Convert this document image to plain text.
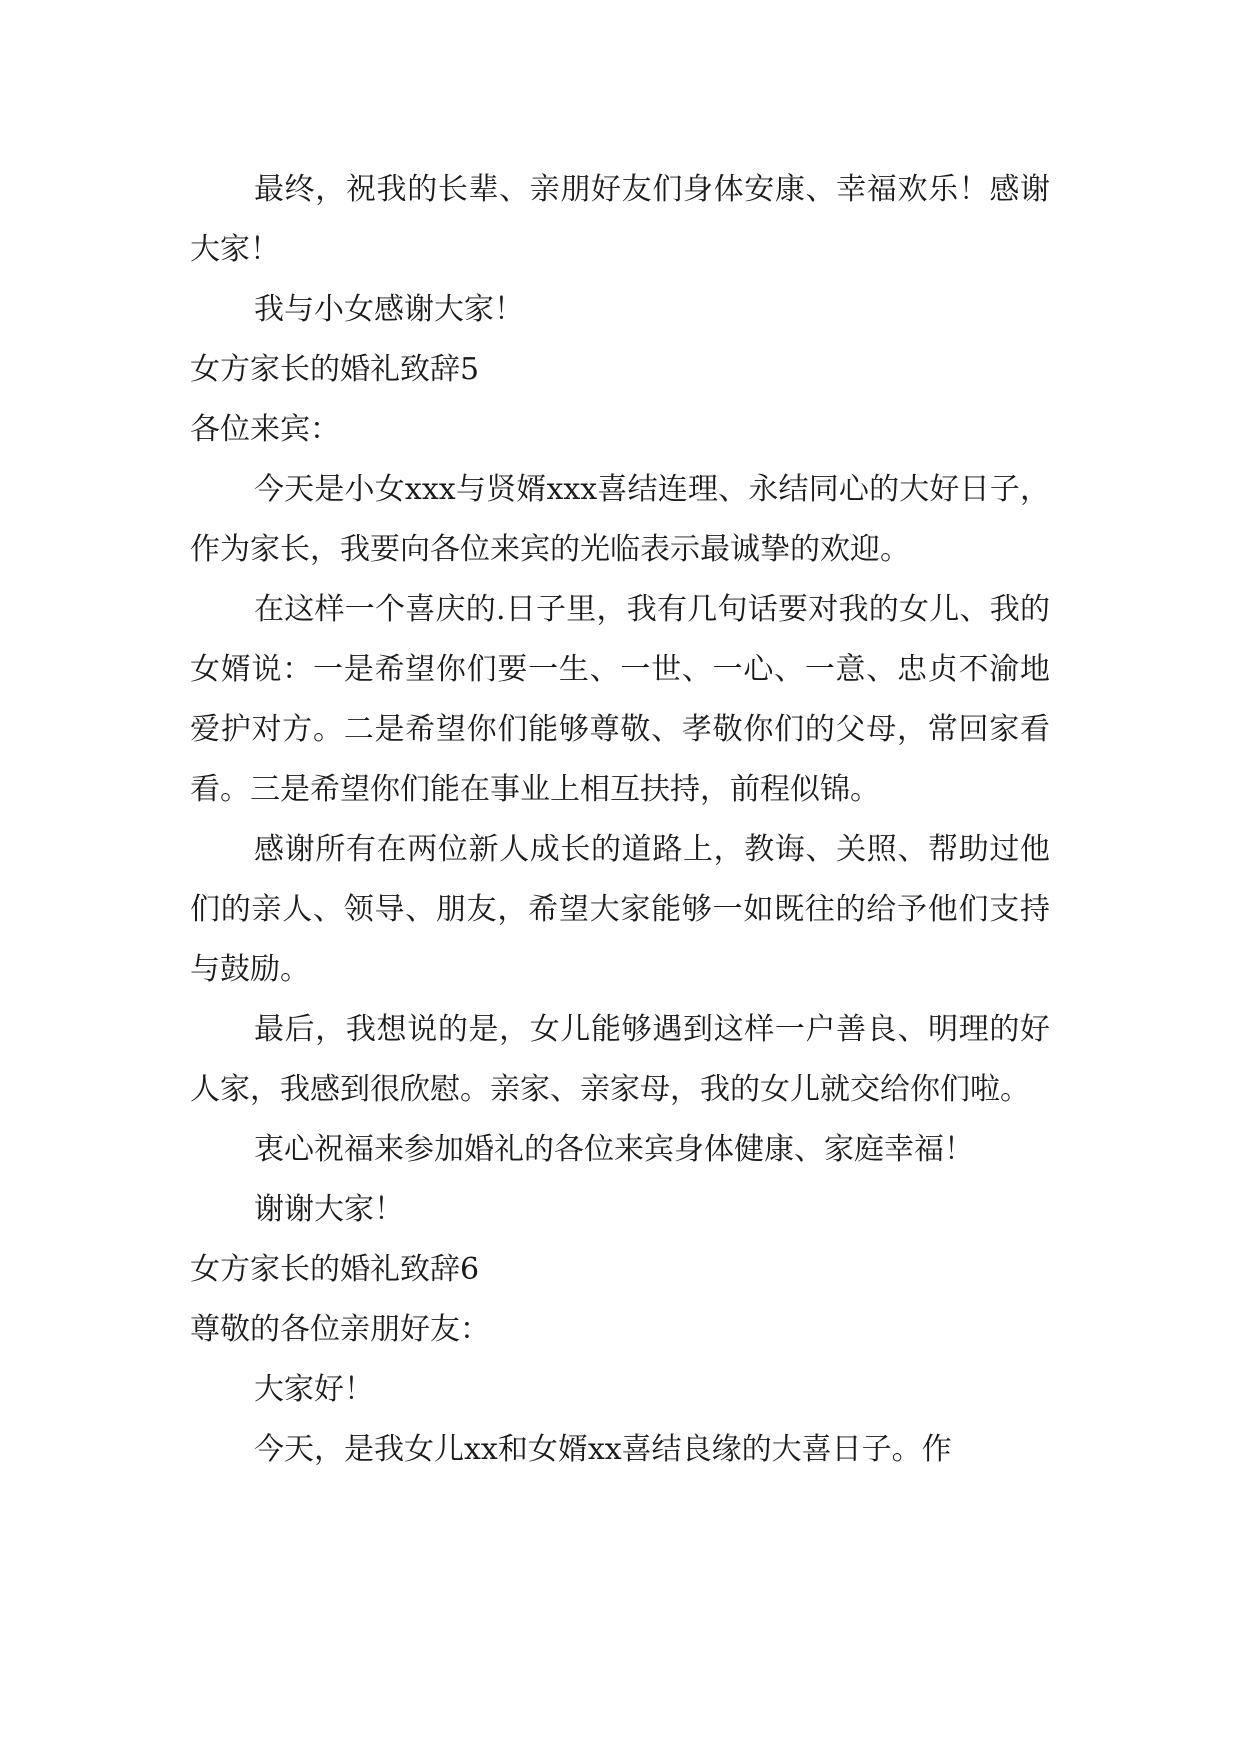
最终，祝我的长辈、亲朋好友们身体安康、幸福欢乐！感谢大家！

我与小女感谢大家！

女方家长的婚礼致辞5

各位来宾：

今天是小女xxx与贤婿xxx喜结连理、永结同心的大好日子，作为家长，我要向各位来宾的光临表示最诚挚的欢迎。

在这样一个喜庆的.日子里，我有几句话要对我的女儿、我的女婿说：一是希望你们要一生、一世、一心、一意、忠贞不渝地爱护对方。二是希望你们能够尊敬、孝敬你们的父母，常回家看看。三是希望你们能在事业上相互扶持，前程似锦。

感谢所有在两位新人成长的道路上，教诲、关照、帮助过他们的亲人、领导、朋友，希望大家能够一如既往的给予他们支持与鼓励。

最后，我想说的是，女儿能够遇到这样一户善良、明理的好人家，我感到很欣慰。亲家、亲家母，我的女儿就交给你们啦。

衷心祝福来参加婚礼的各位来宾身体健康、家庭幸福！

谢谢大家！

女方家长的婚礼致辞6

尊敬的各位亲朋好友：

大家好！

今天，是我女儿xx和女婿xx喜结良缘的大喜日子。作
